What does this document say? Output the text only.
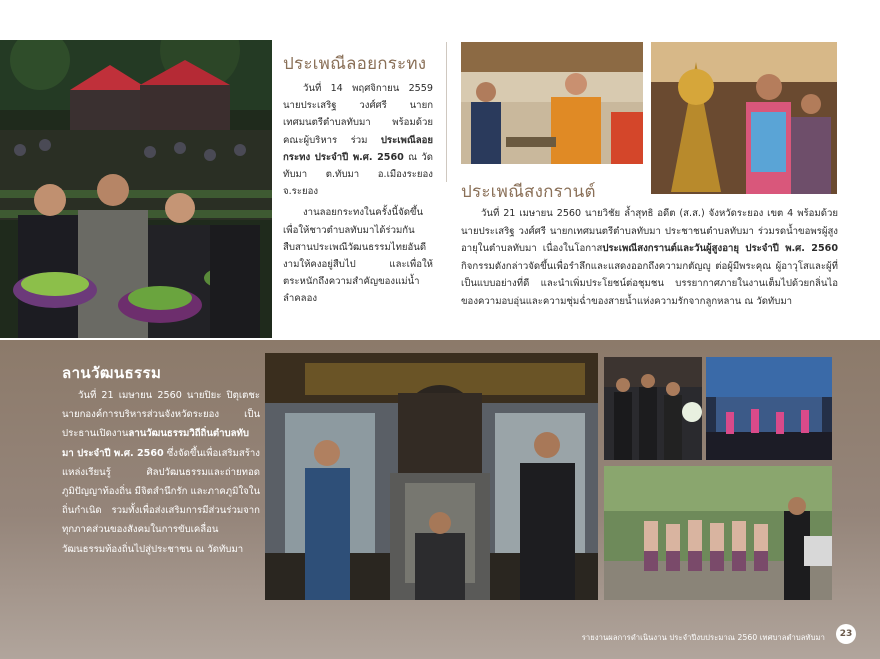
ประเพณีลอยกระทง

วันที่ 14 พฤศจิกายน 2559 นายประเสริฐ วงศ์ศรี นายกเทศมนตรีตำบลทับมา พร้อมด้วยคณะผู้บริหาร ร่วม ประเพณีลอยกระทง ประจำปี พ.ศ. 2560 ณ วัดทับมา ต.ทับมา อ.เมืองระยอง จ.ระยอง

งานลอยกระทงในครั้งนี้จัดขึ้นเพื่อให้ชาวตำบลทับมาได้ร่วมกันสืบสานประเพณีวัฒนธรรมไทยอันดีงามให้คงอยู่สืบไป และเพื่อให้ตระหนักถึงความสำคัญของแม่น้ำลำคลอง

ประเพณีสงกรานต์

วันที่ 21 เมษายน 2560 นายวิชัย ล้ำสุทธิ อดีต (ส.ส.) จังหวัดระยอง เขต 4 พร้อมด้วย นายประเสริฐ วงศ์ศรี นายกเทศมนตรีตำบลทับมา ประชาชนตำบลทับมา ร่วมรดน้ำขอพรผู้สูงอายุในตำบลทับมา เนื่องในโอกาสประเพณีสงกรานต์และวันผู้สูงอายุ ประจำปี พ.ศ. 2560 กิจกรรมดังกล่าวจัดขึ้นเพื่อรำลึกและแสดงออกถึงความกตัญญู ต่อผู้มีพระคุณ ผู้อาวุโสและผู้ที่เป็นแบบอย่างที่ดี และนำเพิ่มประโยชน์ต่อชุมชน บรรยากาศภายในงานเต็มไปด้วยกลิ่นไอของความอบอุ่นและความชุ่มฉ่ำของสายน้ำแห่งความรักจากลูกหลาน ณ วัดทับมา

ลานวัฒนธรรม

วันที่ 21 เมษายน 2560 นายปิยะ ปิตุเตชะ นายกองค์การบริหารส่วนจังหวัดระยอง เป็นประธานเปิดงานลานวัฒนธรรมวิถีถิ่นตำบลทับมา ประจำปี พ.ศ. 2560 ซึ่งจัดขึ้นเพื่อเสริมสร้างแหล่งเรียนรู้ ศิลปวัฒนธรรมและถ่ายทอดภูมิปัญญาท้องถิ่น มีจิตสำนึกรัก และภาคภูมิใจในถิ่นกำเนิด รวมทั้งเพื่อส่งเสริมการมีส่วนร่วมจากทุกภาคส่วนของสังคมในการขับเคลื่อนวัฒนธรรมท้องถิ่นไปสู่ประชาชน ณ วัดทับมา

รายงานผลการดำเนินงาน ประจำปีงบประมาณ 2560 เทศบาลตำบลทับมา	23
